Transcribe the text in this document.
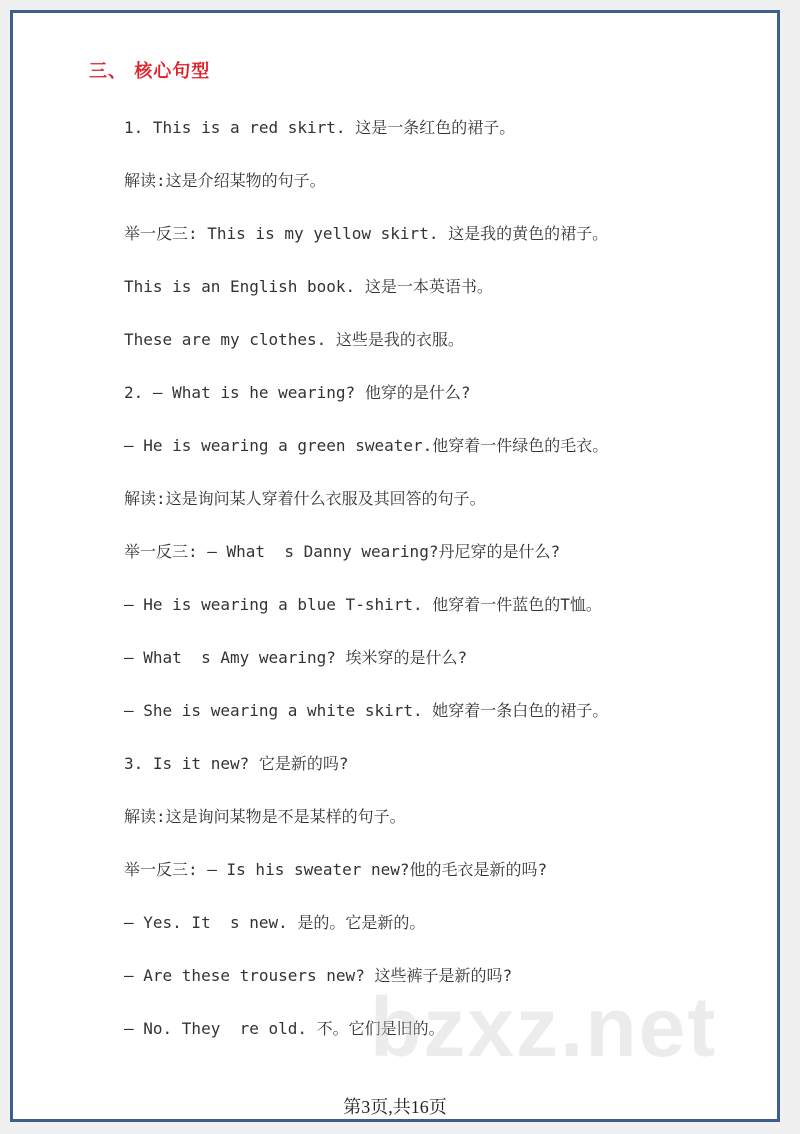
三、 核心句型
1. This is a red skirt. 这是一条红色的裙子。
解读:这是介绍某物的句子。
举一反三: This is my yellow skirt. 这是我的黄色的裙子。
This is an English book. 这是一本英语书。
These are my clothes. 这些是我的衣服。
2. — What is he wearing? 他穿的是什么?
— He is wearing a green sweater.他穿着一件绿色的毛衣。
解读:这是询问某人穿着什么衣服及其回答的句子。
举一反三: — What  s Danny wearing?丹尼穿的是什么?
— He is wearing a blue T-shirt. 他穿着一件蓝色的T恤。
— What  s Amy wearing? 埃米穿的是什么?
— She is wearing a white skirt. 她穿着一条白色的裙子。
3. Is it new? 它是新的吗?
解读:这是询问某物是不是某样的句子。
举一反三: — Is his sweater new?他的毛衣是新的吗?
— Yes. It  s new. 是的。它是新的。
— Are these trousers new? 这些裤子是新的吗?
— No. They  re old. 不。它们是旧的。
第3页,共16页
bzxz.net
